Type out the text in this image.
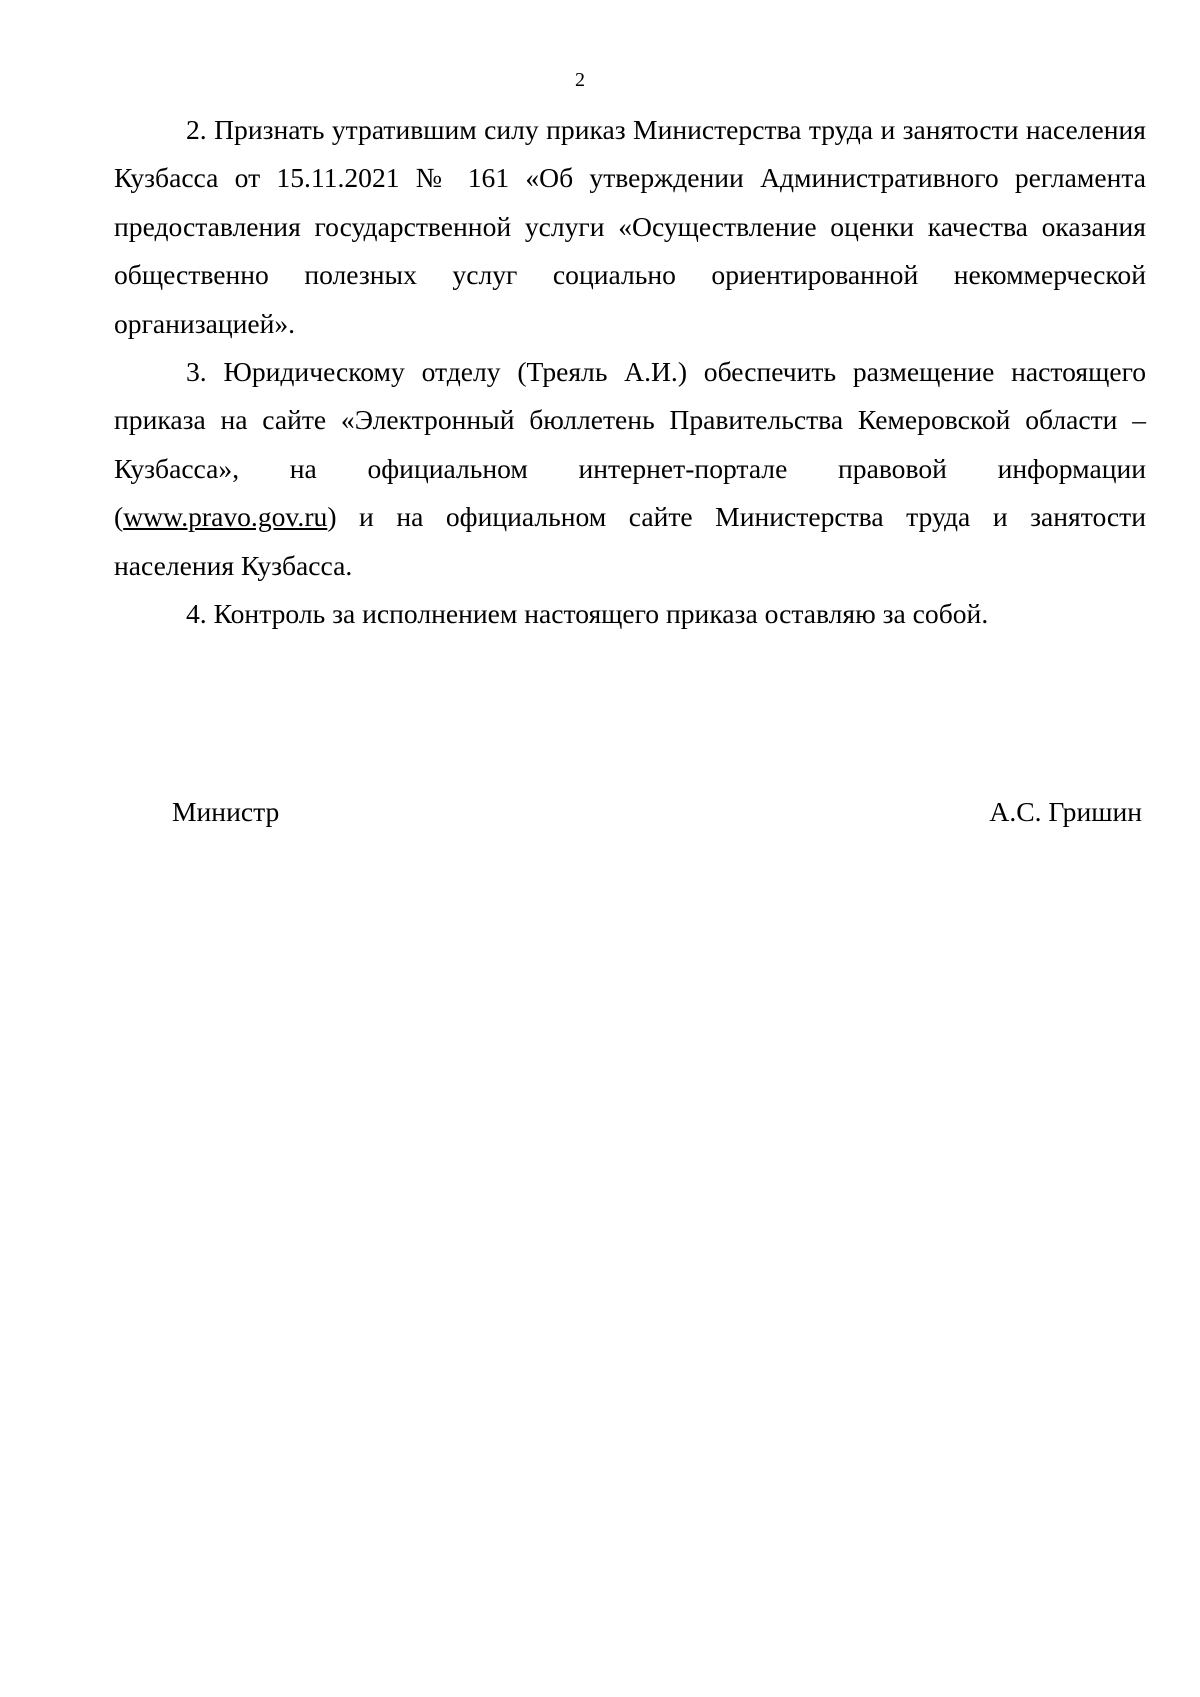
2

2. Признать утратившим силу приказ Министерства труда и занятости населения Кузбасса от 15.11.2021 № 161 «Об утверждении Административного регламента предоставления государственной услуги «Осуществление оценки качества оказания общественно полезных услуг социально ориентированной некоммерческой организацией».

3. Юридическому отделу (Треяль А.И.) обеспечить размещение настоящего приказа на сайте «Электронный бюллетень Правительства Кемеровской области – Кузбасса», на официальном интернет-портале правовой информации (www.pravo.gov.ru) и на официальном сайте Министерства труда и занятости населения Кузбасса.

4. Контроль за исполнением настоящего приказа оставляю за собой.

Министр	А.С. Гришин
